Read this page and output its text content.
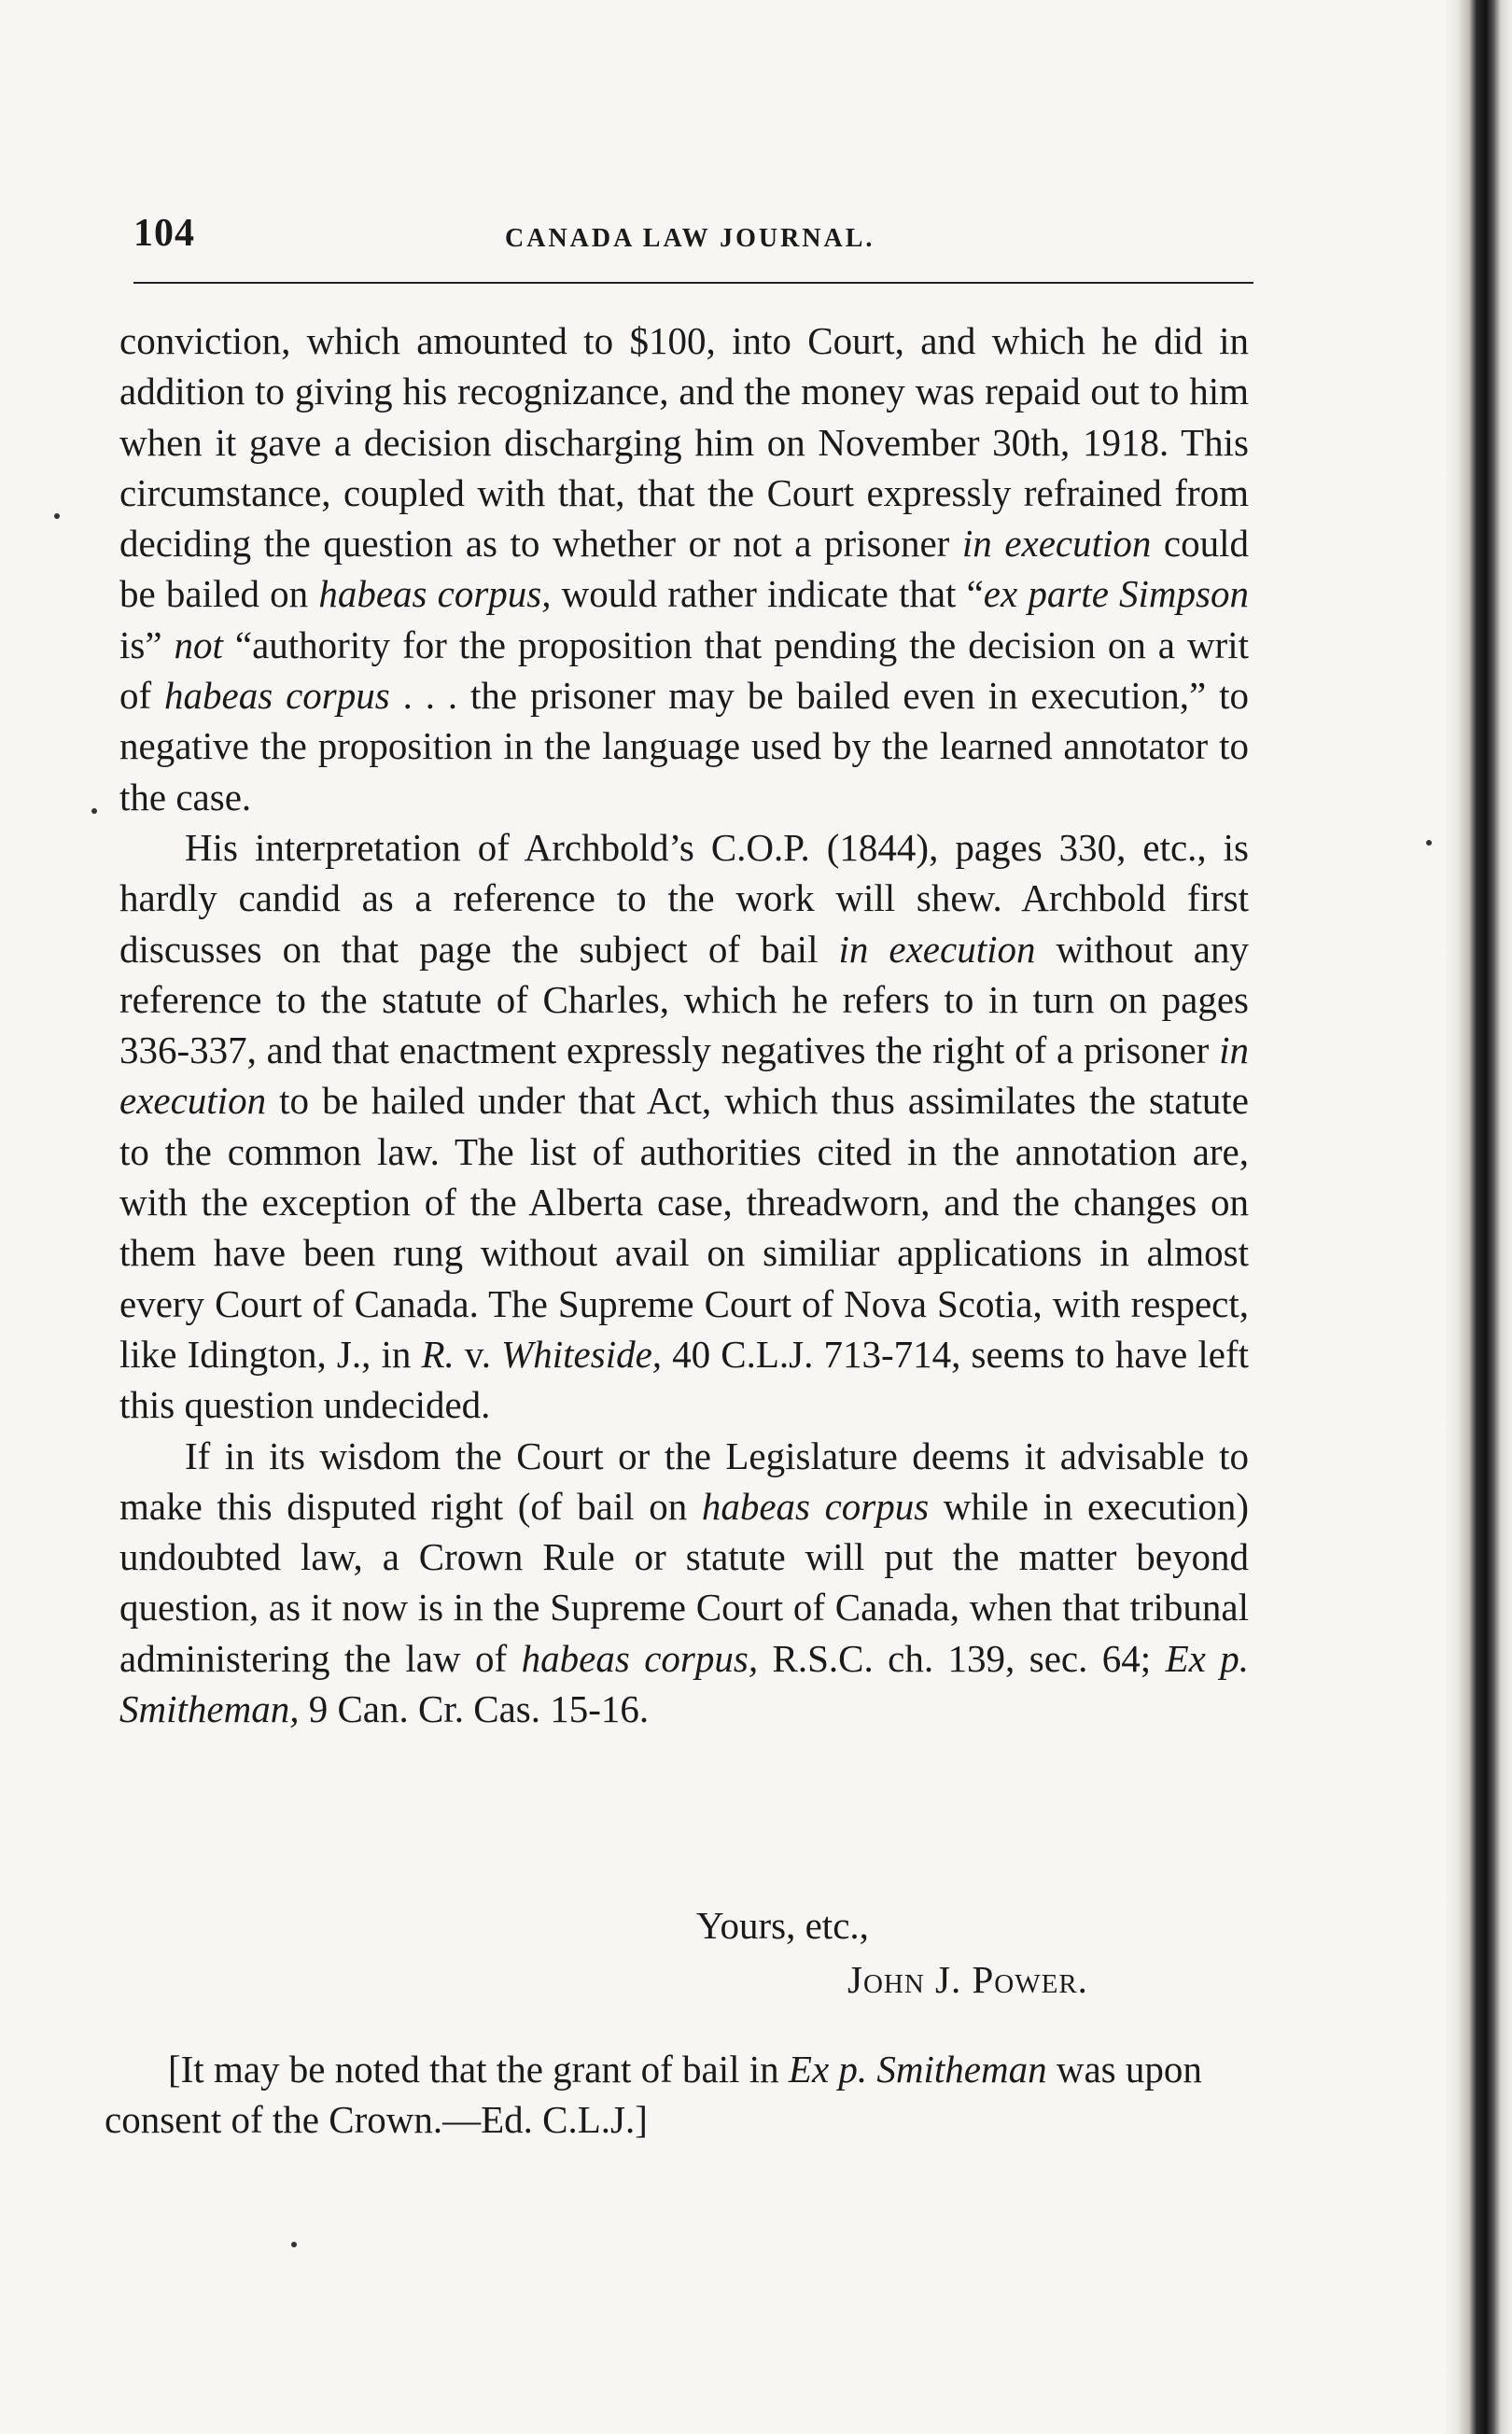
104	CANADA LAW JOURNAL.

conviction, which amounted to $100, into Court, and which he did in addition to giving his recognizance, and the money was repaid out to him when it gave a decision discharging him on November 30th, 1918. This circumstance, coupled with that, that the Court expressly refrained from deciding the question as to whether or not a prisoner in execution could be bailed on habeas corpus, would rather indicate that “ex parte Simpson is” not “authority for the proposition that pending the decision on a writ of habeas corpus . . . the prisoner may be bailed even in execution,” to negative the proposition in the language used by the learned annotator to the case.

His interpretation of Archbold’s C.O.P. (1844), pages 330, etc., is hardly candid as a reference to the work will shew. Archbold first discusses on that page the subject of bail in execution without any reference to the statute of Charles, which he refers to in turn on pages 336-337, and that enactment expressly negatives the right of a prisoner in execution to be hailed under that Act, which thus assimilates the statute to the common law. The list of authorities cited in the annotation are, with the exception of the Alberta case, threadworn, and the changes on them have been rung without avail on similiar applications in almost every Court of Canada. The Supreme Court of Nova Scotia, with respect, like Idington, J., in R. v. Whiteside, 40 C.L.J. 713-714, seems to have left this question undecided.

If in its wisdom the Court or the Legislature deems it advisable to make this disputed right (of bail on habeas corpus while in execution) undoubted law, a Crown Rule or statute will put the matter beyond question, as it now is in the Supreme Court of Canada, when that tribunal administering the law of habeas corpus, R.S.C. ch. 139, sec. 64; Ex p. Smitheman, 9 Can. Cr. Cas. 15-16.

Yours, etc.,
John J. Power.
[It may be noted that the grant of bail in Ex p. Smitheman was upon consent of the Crown.—Ed. C.L.J.]
